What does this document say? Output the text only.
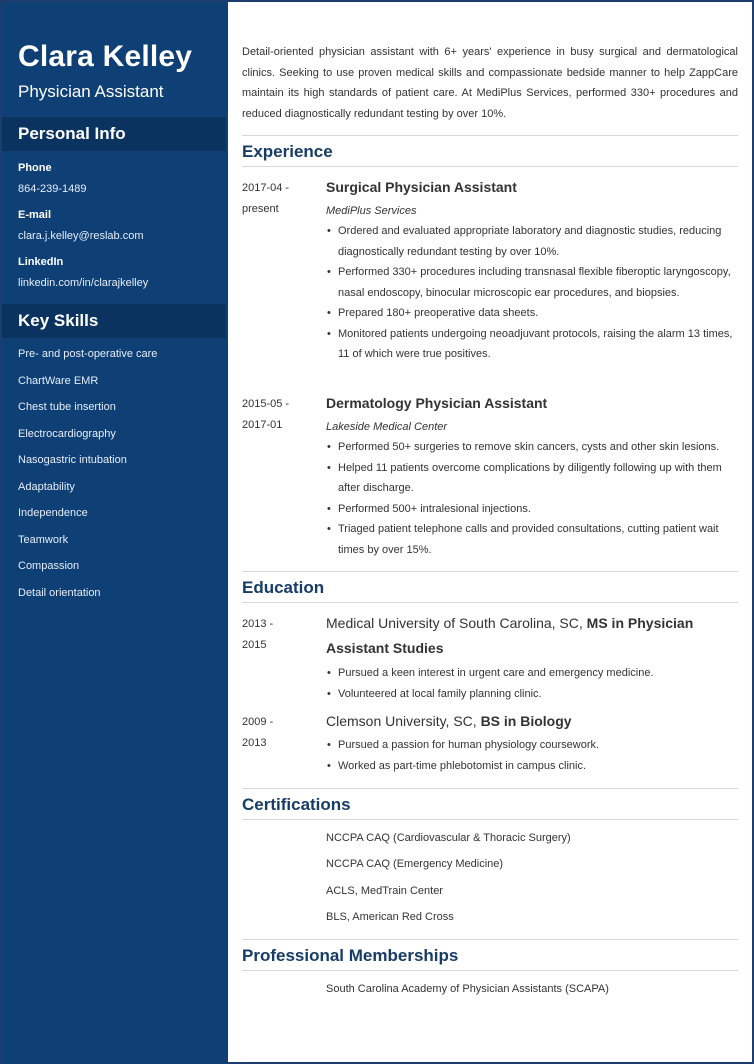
Clara Kelley
Physician Assistant
Personal Info
Phone
864-239-1489
E-mail
clara.j.kelley@reslab.com
LinkedIn
linkedin.com/in/clarajkelley
Key Skills
Pre- and post-operative care
ChartWare EMR
Chest tube insertion
Electrocardiography
Nasogastric intubation
Adaptability
Independence
Teamwork
Compassion
Detail orientation

Detail-oriented physician assistant with 6+ years' experience in busy surgical and dermatological clinics. Seeking to use proven medical skills and compassionate bedside manner to help ZappCare maintain its high standards of patient care. At MediPlus Services, performed 330+ procedures and reduced diagnostically redundant testing by over 10%.

Experience
2017-04 -
present
Surgical Physician Assistant
MediPlus Services
• Ordered and evaluated appropriate laboratory and diagnostic studies, reducing diagnostically redundant testing by over 10%.
• Performed 330+ procedures including transnasal flexible fiberoptic laryngoscopy, nasal endoscopy, binocular microscopic ear procedures, and biopsies.
• Prepared 180+ preoperative data sheets.
• Monitored patients undergoing neoadjuvant protocols, raising the alarm 13 times, 11 of which were true positives.
2015-05 -
2017-01
Dermatology Physician Assistant
Lakeside Medical Center
• Performed 50+ surgeries to remove skin cancers, cysts and other skin lesions.
• Helped 11 patients overcome complications by diligently following up with them after discharge.
• Performed 500+ intralesional injections.
• Triaged patient telephone calls and provided consultations, cutting patient wait times by over 15%.
Education
2013 -
2015
Medical University of South Carolina, SC, MS in Physician Assistant Studies
• Pursued a keen interest in urgent care and emergency medicine.
• Volunteered at local family planning clinic.
2009 -
2013
Clemson University, SC, BS in Biology
• Pursued a passion for human physiology coursework.
• Worked as part-time phlebotomist in campus clinic.
Certifications
NCCPA CAQ (Cardiovascular & Thoracic Surgery)
NCCPA CAQ (Emergency Medicine)
ACLS, MedTrain Center
BLS, American Red Cross
Professional Memberships
South Carolina Academy of Physician Assistants (SCAPA)
